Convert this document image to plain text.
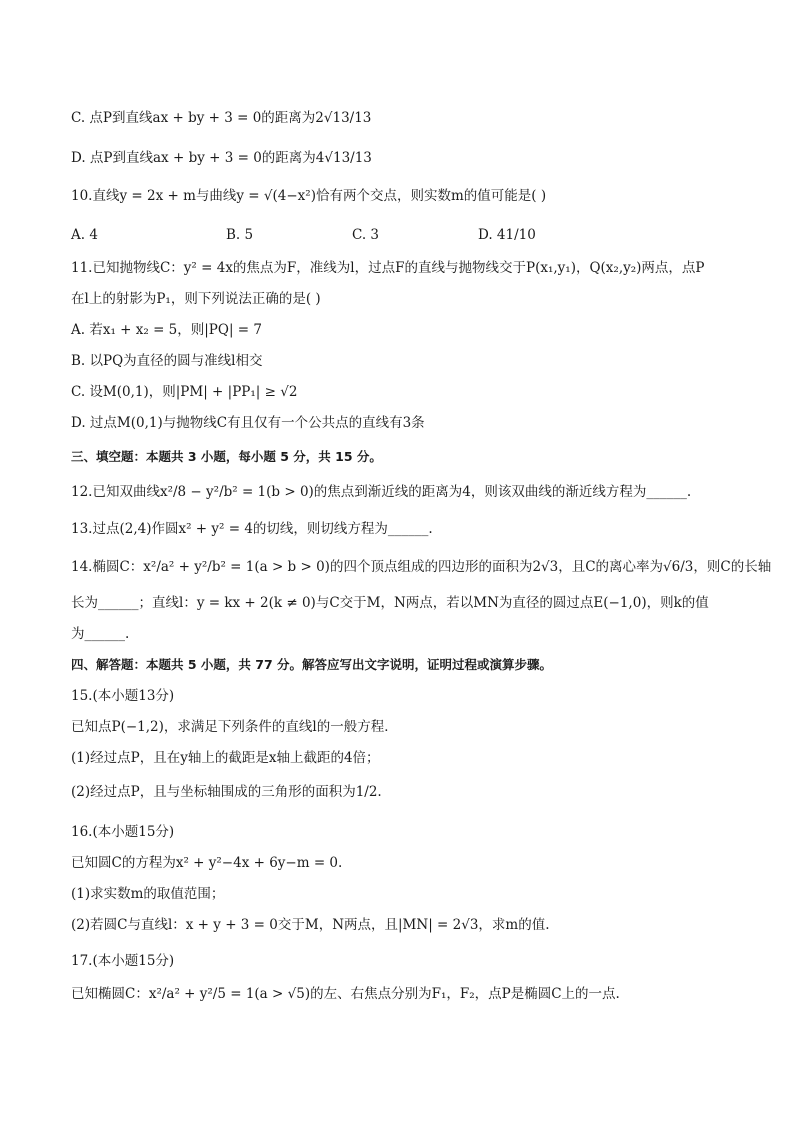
C. 点P到直线ax + by + 3 = 0的距离为2√13/13
D. 点P到直线ax + by + 3 = 0的距离为4√13/13
10.直线y = 2x + m与曲线y = √(4−x²)恰有两个交点，则实数m的值可能是( )
11.已知抛物线C：y² = 4x的焦点为F，准线为l，过点F的直线与抛物线交于P(x₁,y₁)，Q(x₂,y₂)两点，点P
在l上的射影为P₁，则下列说法正确的是( )
A. 若x₁ + x₂ = 5，则|PQ| = 7
B. 以PQ为直径的圆与准线l相交
C. 设M(0,1)，则|PM| + |PP₁| ≥ √2
D. 过点M(0,1)与抛物线C有且仅有一个公共点的直线有3条
12.已知双曲线x²/8 − y²/b² = 1(b > 0)的焦点到渐近线的距离为4，则该双曲线的渐近线方程为______.
13.过点(2,4)作圆x² + y² = 4的切线，则切线方程为______.
14.椭圆C：x²/a² + y²/b² = 1(a > b > 0)的四个顶点组成的四边形的面积为2√3，且C的离心率为√6/3，则C的长轴
长为______；直线l：y = kx + 2(k ≠ 0)与C交于M，N两点，若以MN为直径的圆过点E(−1,0)，则k的值
为______.
15.(本小题13分)
已知点P(−1,2)，求满足下列条件的直线l的一般方程．
(1)经过点P，且在y轴上的截距是x轴上截距的4倍；
(2)经过点P，且与坐标轴围成的三角形的面积为1/2.
16.(本小题15分)
已知圆C的方程为x² + y²−4x + 6y−m = 0.
(1)求实数m的取值范围；
(2)若圆C与直线l：x + y + 3 = 0交于M，N两点，且|MN| = 2√3，求m的值.
17.(本小题15分)
已知椭圆C：x²/a² + y²/5 = 1(a > √5)的左、右焦点分别为F₁，F₂，点P是椭圆C上的一点.
三、填空题：本题共 3 小题，每小题 5 分，共 15 分。
四、解答题：本题共 5 小题，共 77 分。解答应写出文字说明，证明过程或演算步骤。
A. 4	B. 5	C. 3	D. 41/10
